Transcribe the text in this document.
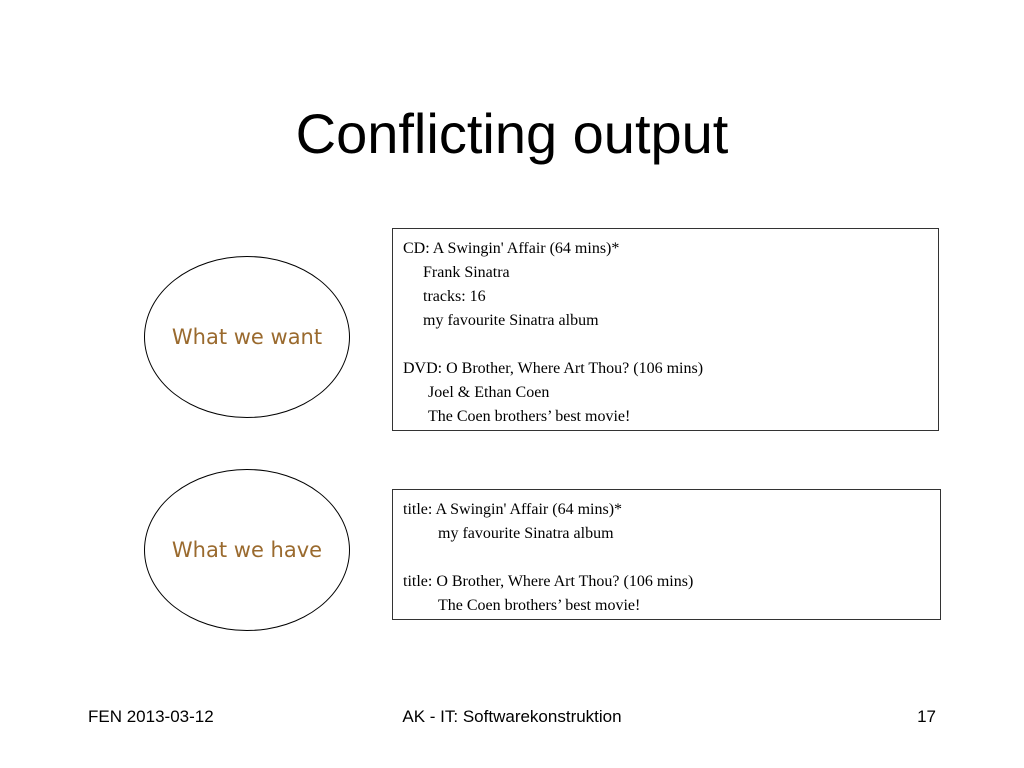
Conflicting output
What we want
CD: A Swingin' Affair (64 mins)*
Frank Sinatra
tracks: 16
my favourite Sinatra album
DVD: O Brother, Where Art Thou? (106 mins)
Joel & Ethan Coen
The Coen brothers’ best movie!
What we have
title: A Swingin' Affair (64 mins)*
my favourite Sinatra album
title: O Brother, Where Art Thou? (106 mins)
The Coen brothers’ best movie!
FEN 2013-03-12	AK - IT: Softwarekonstruktion	17
